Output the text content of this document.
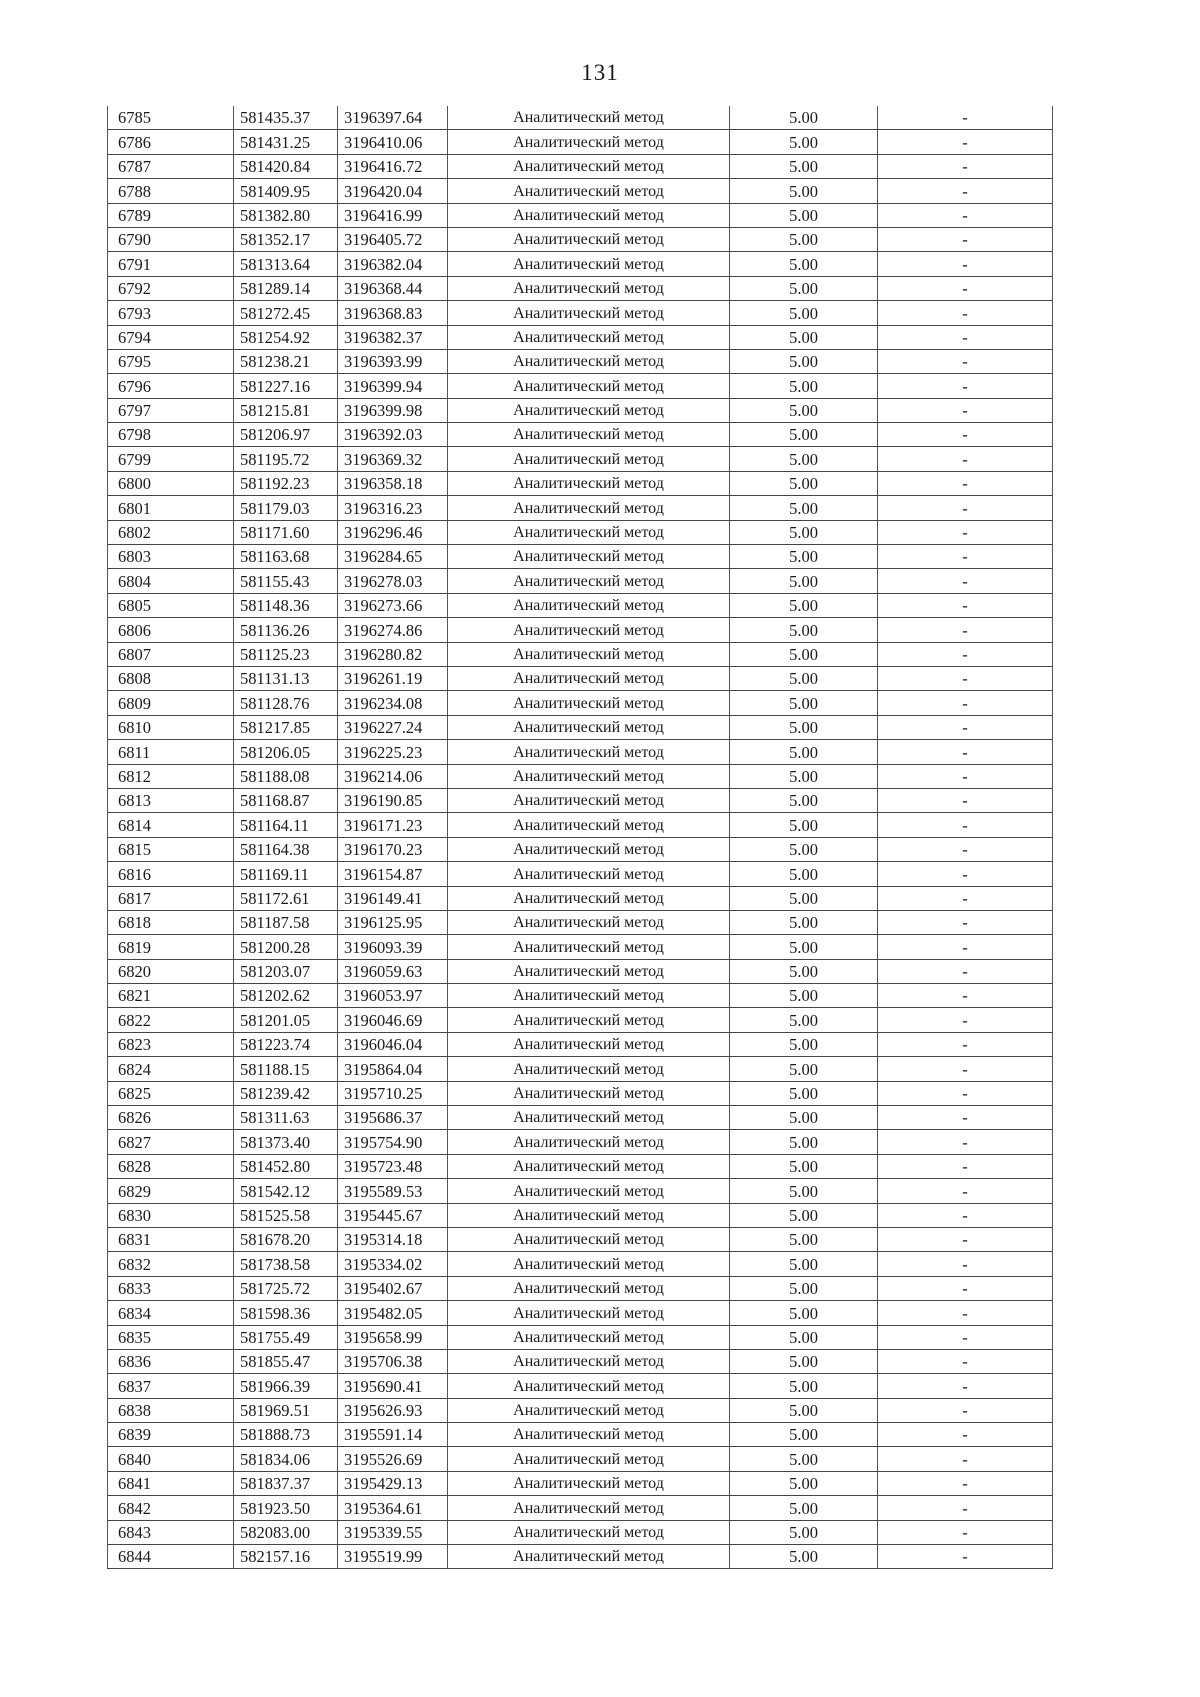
131
6785	581435.37	3196397.64	Аналитический метод	5.00	-
6786	581431.25	3196410.06	Аналитический метод	5.00	-
6787	581420.84	3196416.72	Аналитический метод	5.00	-
6788	581409.95	3196420.04	Аналитический метод	5.00	-
6789	581382.80	3196416.99	Аналитический метод	5.00	-
6790	581352.17	3196405.72	Аналитический метод	5.00	-
6791	581313.64	3196382.04	Аналитический метод	5.00	-
6792	581289.14	3196368.44	Аналитический метод	5.00	-
6793	581272.45	3196368.83	Аналитический метод	5.00	-
6794	581254.92	3196382.37	Аналитический метод	5.00	-
6795	581238.21	3196393.99	Аналитический метод	5.00	-
6796	581227.16	3196399.94	Аналитический метод	5.00	-
6797	581215.81	3196399.98	Аналитический метод	5.00	-
6798	581206.97	3196392.03	Аналитический метод	5.00	-
6799	581195.72	3196369.32	Аналитический метод	5.00	-
6800	581192.23	3196358.18	Аналитический метод	5.00	-
6801	581179.03	3196316.23	Аналитический метод	5.00	-
6802	581171.60	3196296.46	Аналитический метод	5.00	-
6803	581163.68	3196284.65	Аналитический метод	5.00	-
6804	581155.43	3196278.03	Аналитический метод	5.00	-
6805	581148.36	3196273.66	Аналитический метод	5.00	-
6806	581136.26	3196274.86	Аналитический метод	5.00	-
6807	581125.23	3196280.82	Аналитический метод	5.00	-
6808	581131.13	3196261.19	Аналитический метод	5.00	-
6809	581128.76	3196234.08	Аналитический метод	5.00	-
6810	581217.85	3196227.24	Аналитический метод	5.00	-
6811	581206.05	3196225.23	Аналитический метод	5.00	-
6812	581188.08	3196214.06	Аналитический метод	5.00	-
6813	581168.87	3196190.85	Аналитический метод	5.00	-
6814	581164.11	3196171.23	Аналитический метод	5.00	-
6815	581164.38	3196170.23	Аналитический метод	5.00	-
6816	581169.11	3196154.87	Аналитический метод	5.00	-
6817	581172.61	3196149.41	Аналитический метод	5.00	-
6818	581187.58	3196125.95	Аналитический метод	5.00	-
6819	581200.28	3196093.39	Аналитический метод	5.00	-
6820	581203.07	3196059.63	Аналитический метод	5.00	-
6821	581202.62	3196053.97	Аналитический метод	5.00	-
6822	581201.05	3196046.69	Аналитический метод	5.00	-
6823	581223.74	3196046.04	Аналитический метод	5.00	-
6824	581188.15	3195864.04	Аналитический метод	5.00	-
6825	581239.42	3195710.25	Аналитический метод	5.00	-
6826	581311.63	3195686.37	Аналитический метод	5.00	-
6827	581373.40	3195754.90	Аналитический метод	5.00	-
6828	581452.80	3195723.48	Аналитический метод	5.00	-
6829	581542.12	3195589.53	Аналитический метод	5.00	-
6830	581525.58	3195445.67	Аналитический метод	5.00	-
6831	581678.20	3195314.18	Аналитический метод	5.00	-
6832	581738.58	3195334.02	Аналитический метод	5.00	-
6833	581725.72	3195402.67	Аналитический метод	5.00	-
6834	581598.36	3195482.05	Аналитический метод	5.00	-
6835	581755.49	3195658.99	Аналитический метод	5.00	-
6836	581855.47	3195706.38	Аналитический метод	5.00	-
6837	581966.39	3195690.41	Аналитический метод	5.00	-
6838	581969.51	3195626.93	Аналитический метод	5.00	-
6839	581888.73	3195591.14	Аналитический метод	5.00	-
6840	581834.06	3195526.69	Аналитический метод	5.00	-
6841	581837.37	3195429.13	Аналитический метод	5.00	-
6842	581923.50	3195364.61	Аналитический метод	5.00	-
6843	582083.00	3195339.55	Аналитический метод	5.00	-
6844	582157.16	3195519.99	Аналитический метод	5.00	-
